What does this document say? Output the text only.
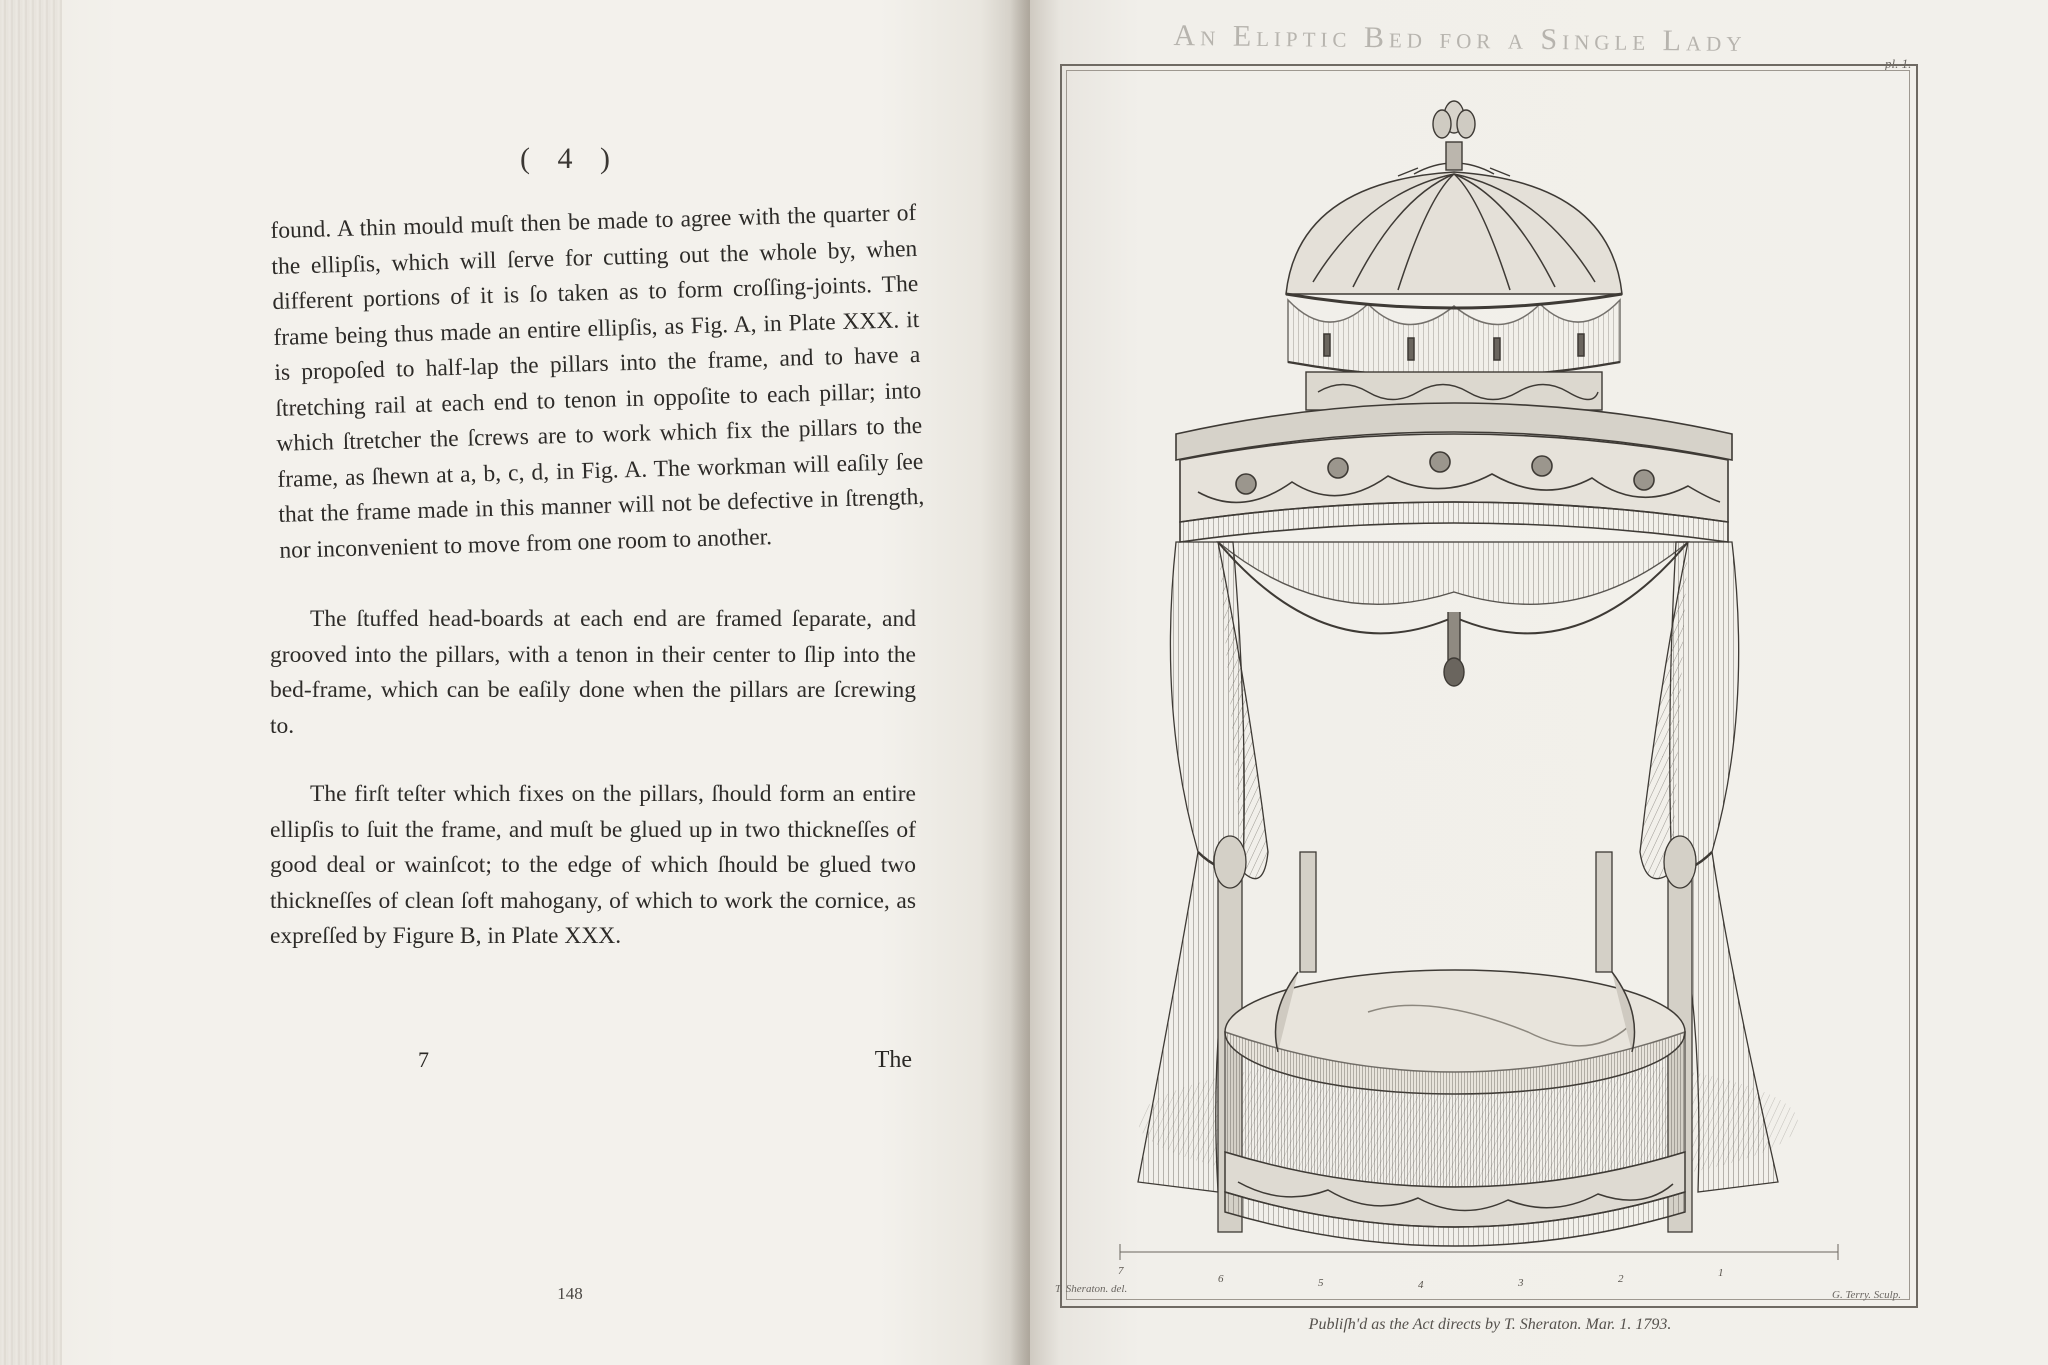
( 4 )

found. A thin mould muſt then be made to agree with the quarter of the ellipſis, which will ſerve for cutting out the whole by, when different portions of it is ſo taken as to form croſſing-joints. The frame being thus made an entire ellipſis, as Fig. A, in Plate XXX. it is propoſed to half-lap the pillars into the frame, and to have a ſtretching rail at each end to tenon in oppoſite to each pillar; into which ſtretcher the ſcrews are to work which fix the pillars to the frame, as ſhewn at a, b, c, d, in Fig. A. The workman will eaſily ſee that the frame made in this manner will not be defective in ſtrength, nor inconvenient to move from one room to another.

The ſtuffed head-boards at each end are framed ſeparate, and grooved into the pillars, with a tenon in their center to ſlip into the bed-frame, which can be eaſily done when the pillars are ſcrewing to.

The firſt teſter which fixes on the pillars, ſhould form an entire ellipſis to ſuit the frame, and muſt be glued up in two thickneſſes of good deal or wainſcot; to the edge of which ſhould be glued two thickneſſes of clean ſoft mahogany, of which to work the cornice, as expreſſed by Figure B, in Plate XXX.

7	The
148
An Eliptic Bed for a Single Lady
pl. 1.
7
6	5	4	3	2	1
T. Sheraton. del.	G. Terry. Sculp.
Publiſh'd as the Act directs by T. Sheraton. Mar. 1. 1793.
